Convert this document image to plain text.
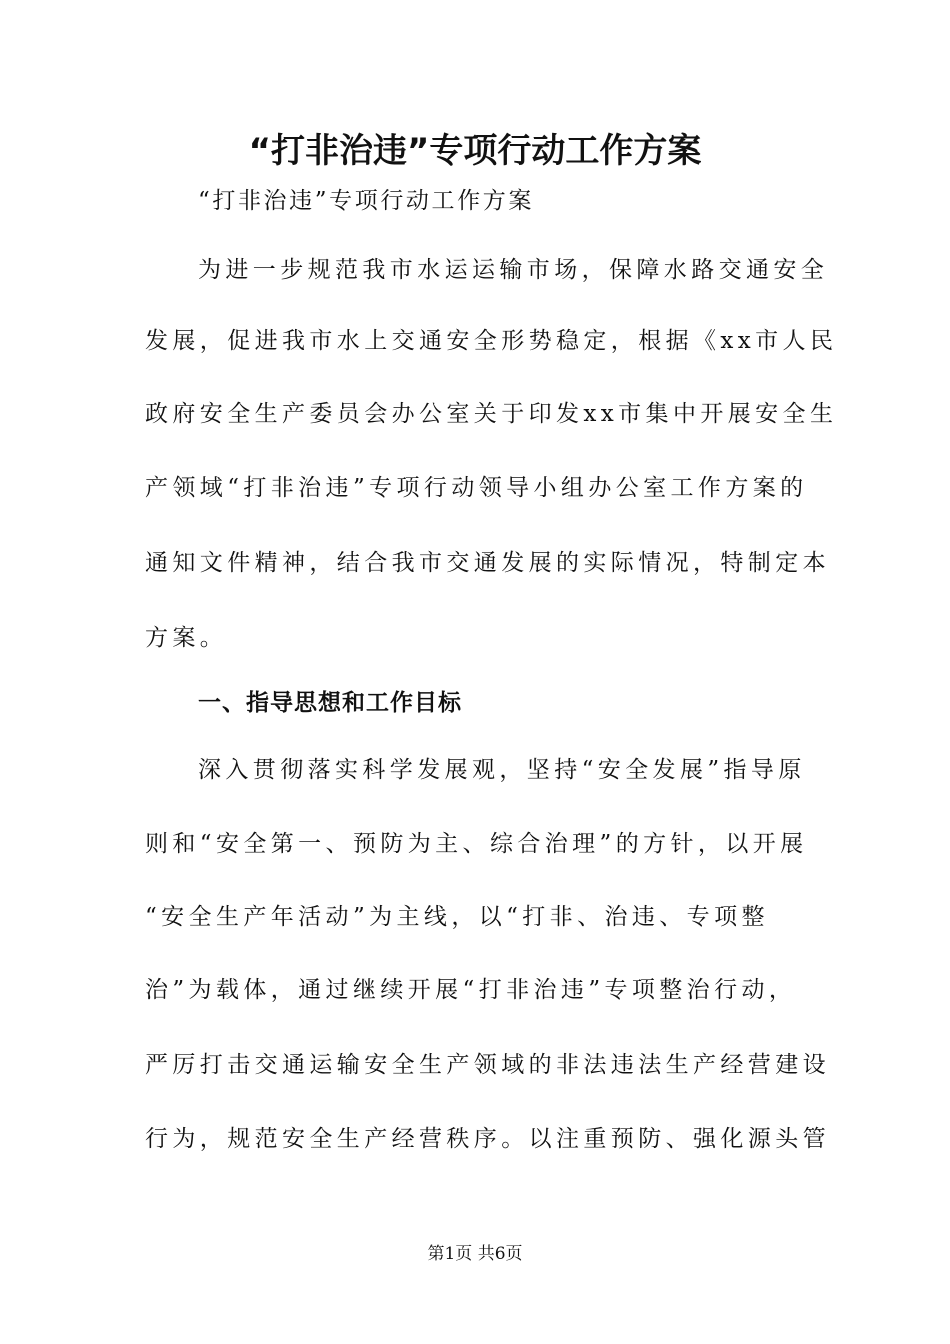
“打非治违”专项行动工作方案

“打非治违”专项行动工作方案

为进一步规范我市水运运输市场，保障水路交通安全

发展，促进我市水上交通安全形势稳定，根据《xx市人民

政府安全生产委员会办公室关于印发xx市集中开展安全生

产领域“打非治违”专项行动领导小组办公室工作方案的

通知文件精神，结合我市交通发展的实际情况，特制定本

方案。

一、指导思想和工作目标

深入贯彻落实科学发展观，坚持“安全发展”指导原

则和“安全第一、预防为主、综合治理”的方针，以开展

“安全生产年活动”为主线，以“打非、治违、专项整

治”为载体，通过继续开展“打非治违”专项整治行动，

严厉打击交通运输安全生产领域的非法违法生产经营建设

行为，规范安全生产经营秩序。以注重预防、强化源头管

第1页 共6页
